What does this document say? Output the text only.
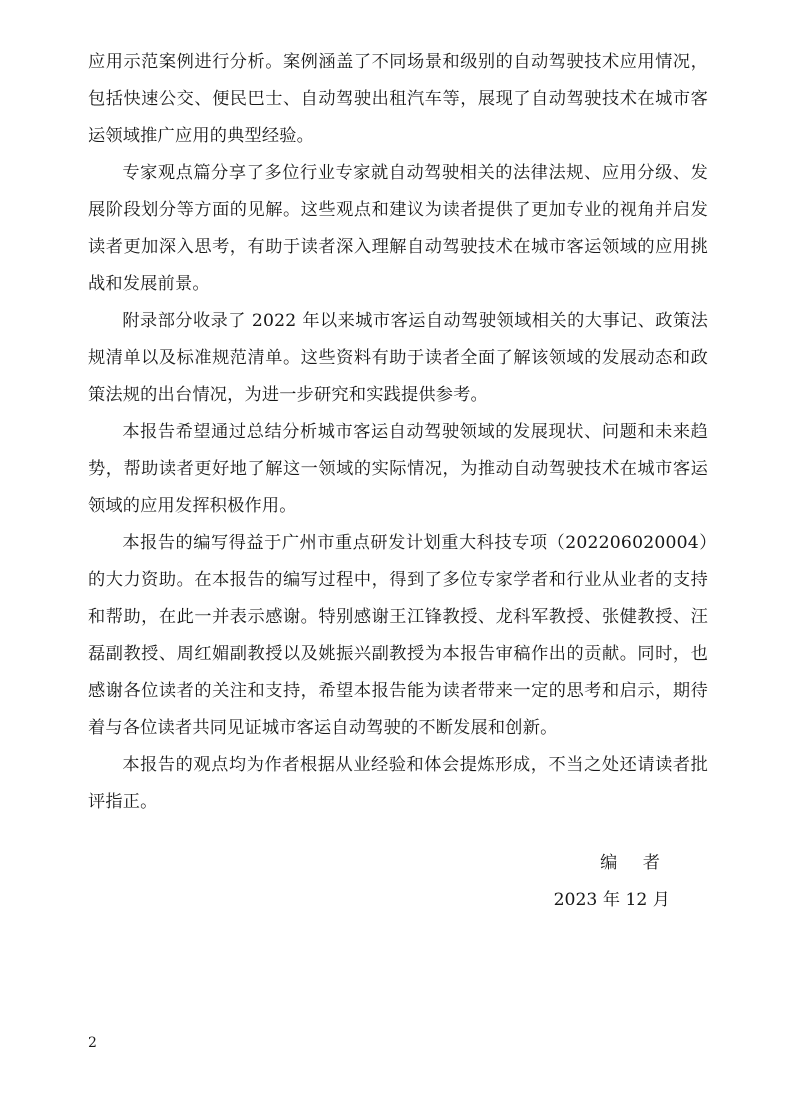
应用示范案例进行分析。案例涵盖了不同场景和级别的自动驾驶技术应用情况，包括快速公交、便民巴士、自动驾驶出租汽车等，展现了自动驾驶技术在城市客运领域推广应用的典型经验。

专家观点篇分享了多位行业专家就自动驾驶相关的法律法规、应用分级、发展阶段划分等方面的见解。这些观点和建议为读者提供了更加专业的视角并启发读者更加深入思考，有助于读者深入理解自动驾驶技术在城市客运领域的应用挑战和发展前景。

附录部分收录了 2022 年以来城市客运自动驾驶领域相关的大事记、政策法规清单以及标准规范清单。这些资料有助于读者全面了解该领域的发展动态和政策法规的出台情况，为进一步研究和实践提供参考。

本报告希望通过总结分析城市客运自动驾驶领域的发展现状、问题和未来趋势，帮助读者更好地了解这一领域的实际情况，为推动自动驾驶技术在城市客运领域的应用发挥积极作用。

本报告的编写得益于广州市重点研发计划重大科技专项（202206020004）的大力资助。在本报告的编写过程中，得到了多位专家学者和行业从业者的支持和帮助，在此一并表示感谢。特别感谢王江锋教授、龙科军教授、张健教授、汪磊副教授、周红媚副教授以及姚振兴副教授为本报告审稿作出的贡献。同时，也感谢各位读者的关注和支持，希望本报告能为读者带来一定的思考和启示，期待着与各位读者共同见证城市客运自动驾驶的不断发展和创新。

本报告的观点均为作者根据从业经验和体会提炼形成，不当之处还请读者批评指正。

编 者
2023 年 12 月
2
